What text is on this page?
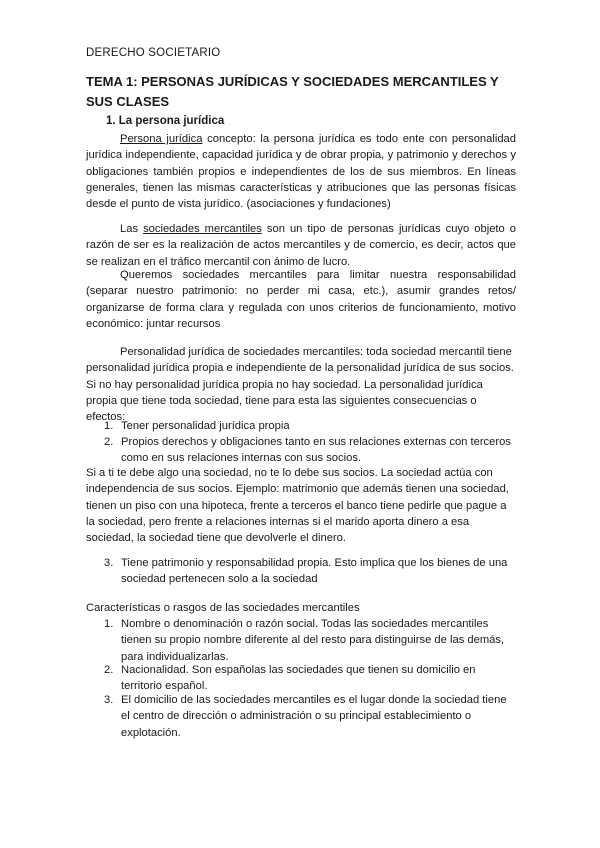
DERECHO SOCIETARIO
TEMA 1: PERSONAS JURÍDICAS Y SOCIEDADES MERCANTILES Y SUS CLASES
1. La persona jurídica
Persona jurídica concepto: la persona jurídica es todo ente con personalidad jurídica independiente, capacidad jurídica y de obrar propia, y patrimonio y derechos y obligaciones también propios e independientes de los de sus miembros. En líneas generales, tienen las mismas características y atribuciones que las personas físicas desde el punto de vista jurídico. (asociaciones y fundaciones)
Las sociedades mercantiles son un tipo de personas jurídicas cuyo objeto o razón de ser es la realización de actos mercantiles y de comercio, es decir, actos que se realizan en el tráfico mercantil con ánimo de lucro.
Queremos sociedades mercantiles para limitar nuestra responsabilidad (separar nuestro patrimonio: no perder mi casa, etc.), asumir grandes retos/ organizarse de forma clara y regulada con unos criterios de funcionamiento, motivo económico: juntar recursos
Personalidad jurídica de sociedades mercantiles: toda sociedad mercantil tiene personalidad jurídica propia e independiente de la personalidad jurídica de sus socios. Si no hay personalidad jurídica propia no hay sociedad. La personalidad jurídica propia que tiene toda sociedad, tiene para esta las siguientes consecuencias o efectos:
1. Tener personalidad jurídica propia
2. Propios derechos y obligaciones tanto en sus relaciones externas con terceros como en sus relaciones internas con sus socios.
Si a ti te debe algo una sociedad, no te lo debe sus socios. La sociedad actúa con independencia de sus socios. Ejemplo: matrimonio que además tienen una sociedad, tienen un piso con una hipoteca, frente a terceros el banco tiene pedirle que pague a la sociedad, pero frente a relaciones internas si el marido aporta dinero a esa sociedad, la sociedad tiene que devolverle el dinero.
3. Tiene patrimonio y responsabilidad propia. Esto implica que los bienes de una sociedad pertenecen solo a la sociedad
Características o rasgos de las sociedades mercantiles
1. Nombre o denominación o razón social. Todas las sociedades mercantiles tienen su propio nombre diferente al del resto para distinguirse de las demás, para individualizarlas.
2. Nacionalidad. Son españolas las sociedades que tienen su domicilio en territorio español.
3. El domicilio de las sociedades mercantiles es el lugar donde la sociedad tiene el centro de dirección o administración o su principal establecimiento o explotación.
